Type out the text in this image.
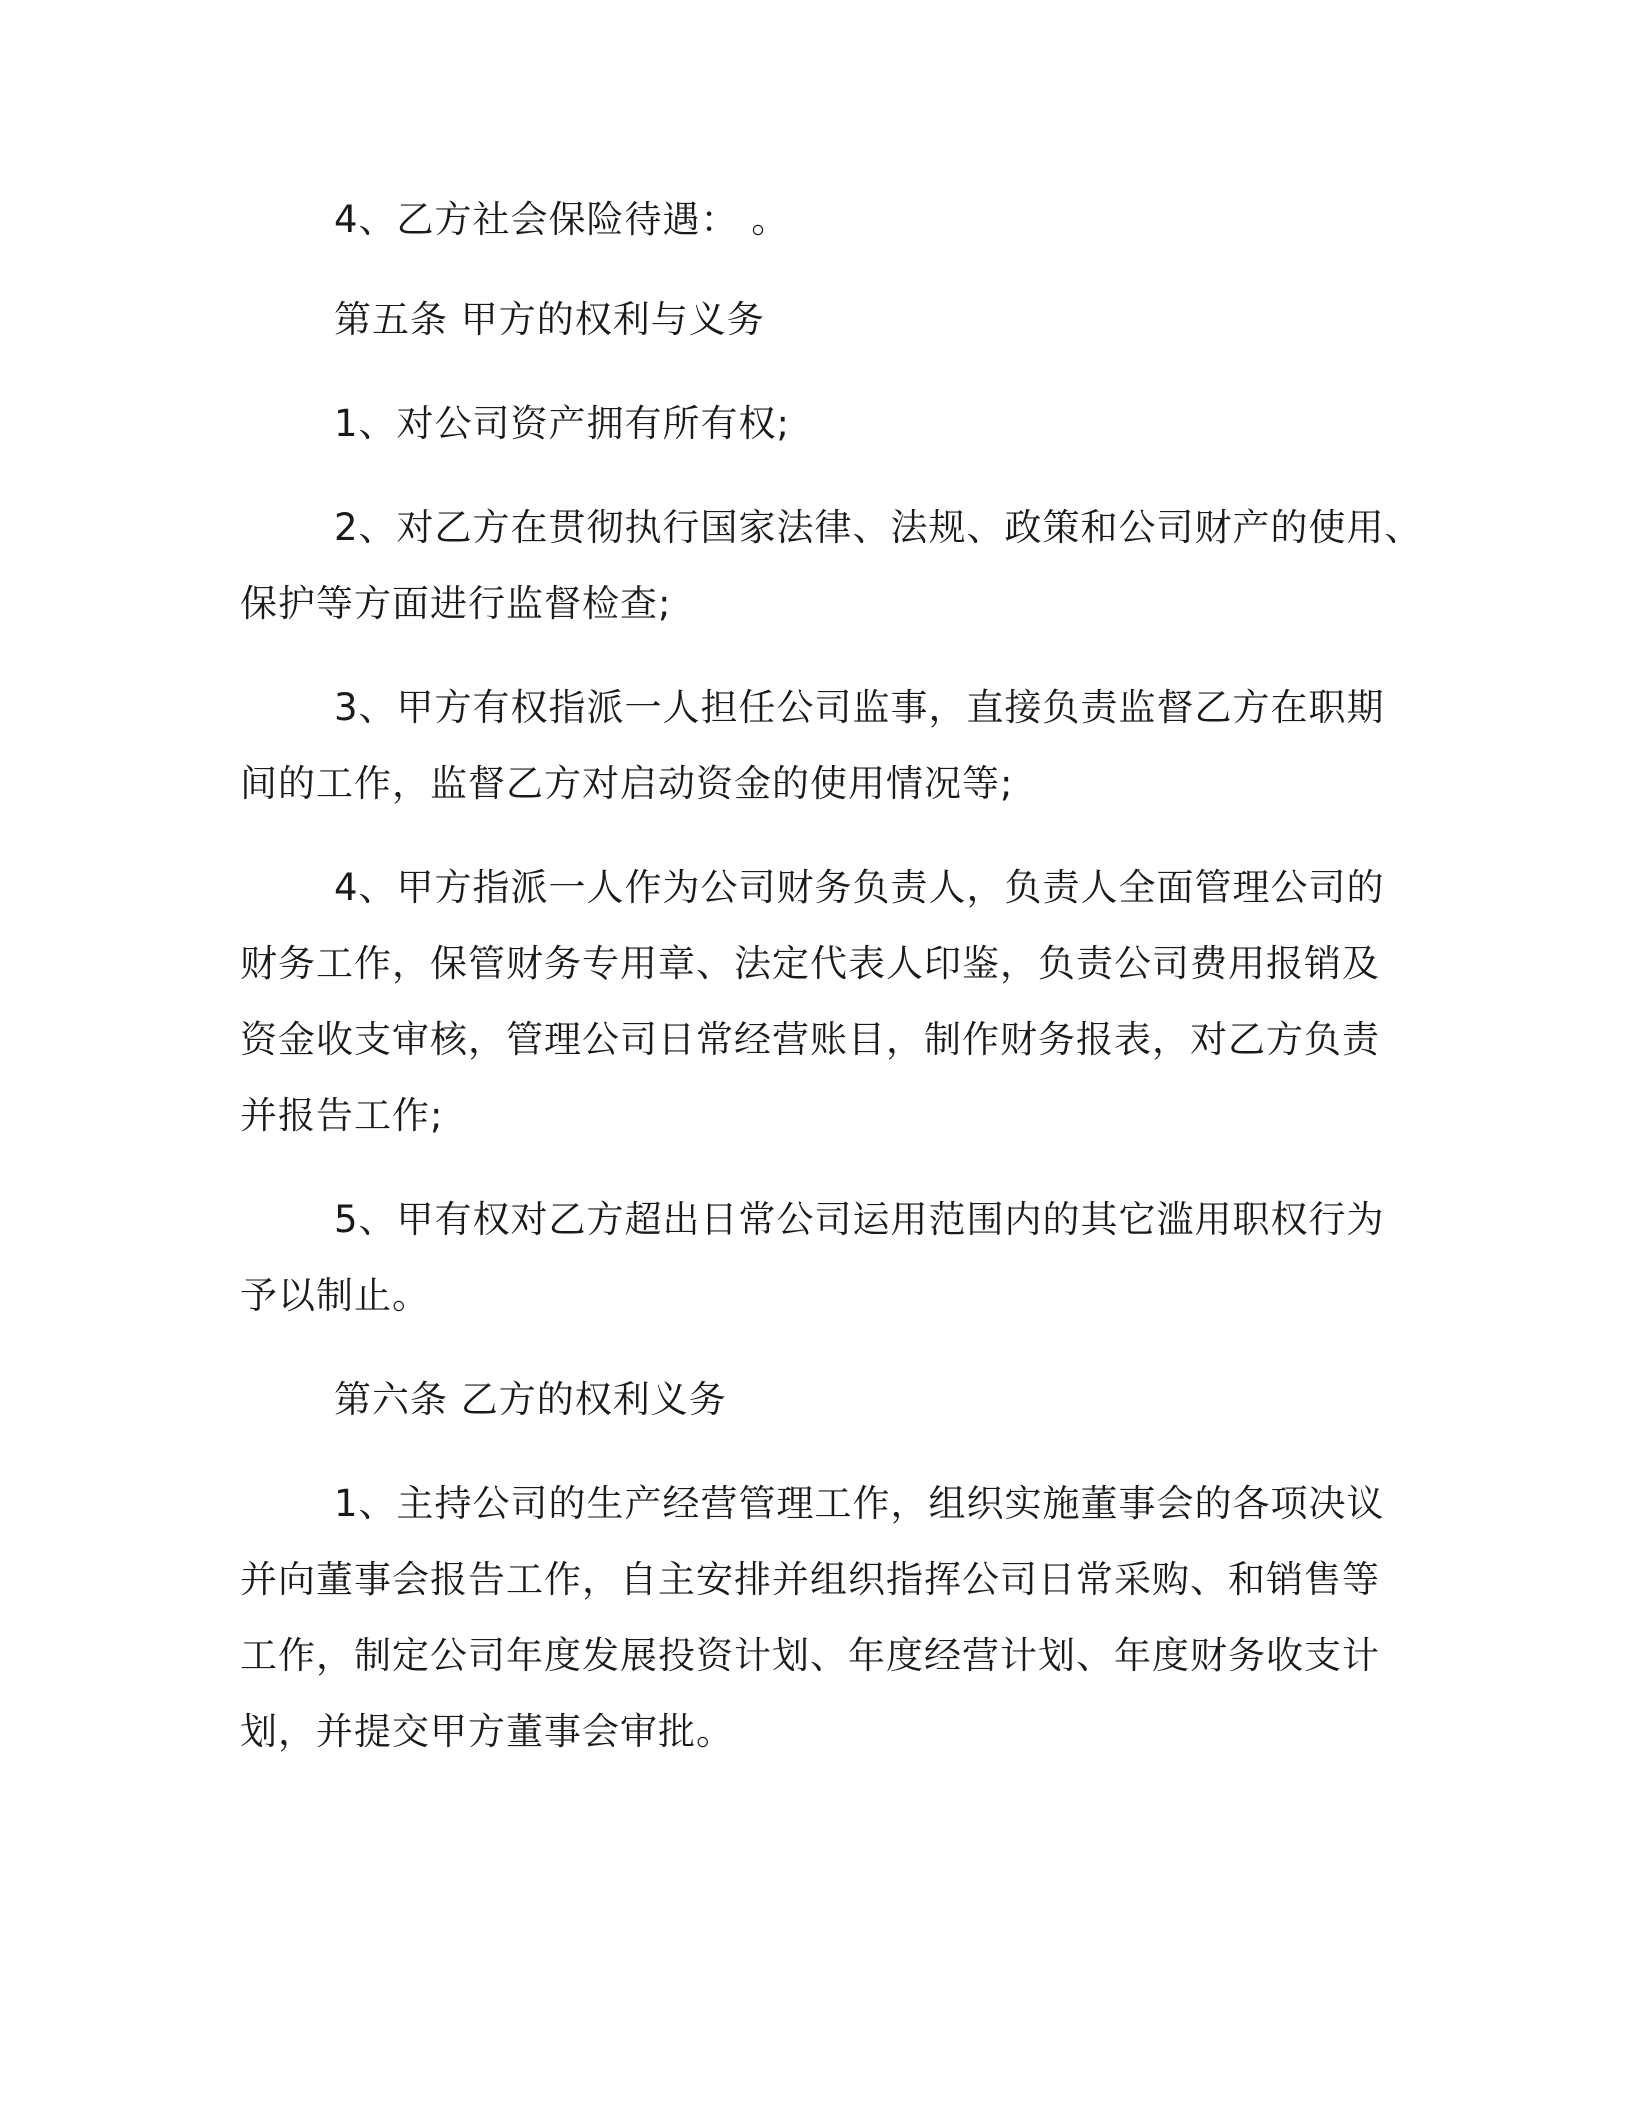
4、乙方社会保险待遇： 。
第五条 甲方的权利与义务
1、对公司资产拥有所有权;
2、对乙方在贯彻执行国家法律、法规、政策和公司财产的使用、
保护等方面进行监督检查;
3、甲方有权指派一人担任公司监事，直接负责监督乙方在职期
间的工作，监督乙方对启动资金的使用情况等;
4、甲方指派一人作为公司财务负责人，负责人全面管理公司的
财务工作，保管财务专用章、法定代表人印鉴，负责公司费用报销及
资金收支审核，管理公司日常经营账目，制作财务报表，对乙方负责
并报告工作;
5、甲有权对乙方超出日常公司运用范围内的其它滥用职权行为
予以制止。
第六条 乙方的权利义务
1、主持公司的生产经营管理工作，组织实施董事会的各项决议
并向董事会报告工作，自主安排并组织指挥公司日常采购、和销售等
工作，制定公司年度发展投资计划、年度经营计划、年度财务收支计
划，并提交甲方董事会审批。
